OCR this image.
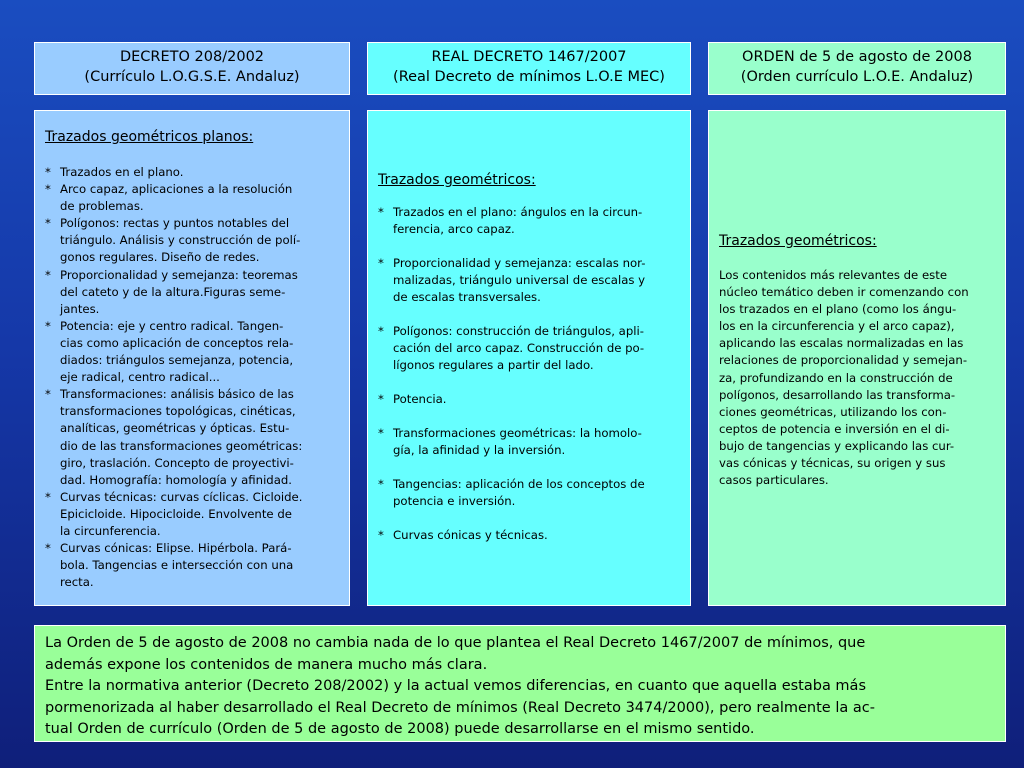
DECRETO 208/2002
(Currículo L.O.G.S.E. Andaluz)
REAL DECRETO 1467/2007
(Real Decreto de mínimos L.O.E MEC)
ORDEN de 5 de agosto de 2008
(Orden currículo L.O.E. Andaluz)
Trazados geométricos planos:
* Trazados en el plano.
* Arco capaz, aplicaciones a la resolución
de problemas.
* Polígonos: rectas y puntos notables del
triángulo. Análisis y construcción de polí-
gonos regulares. Diseño de redes.
* Proporcionalidad y semejanza: teoremas
del cateto y de la altura.Figuras seme-
jantes.
* Potencia: eje y centro radical. Tangen-
cias como aplicación de conceptos rela-
diados: triángulos semejanza, potencia,
eje radical, centro radical...
* Transformaciones: análisis básico de las
transformaciones topológicas, cinéticas,
analíticas, geométricas y ópticas. Estu-
dio de las transformaciones geométricas:
giro, traslación. Concepto de proyectivi-
dad. Homografía: homología y afinidad.
* Curvas técnicas: curvas cíclicas. Cicloide.
Epicicloide. Hipocicloide. Envolvente de
la circunferencia.
* Curvas cónicas: Elipse. Hipérbola. Pará-
bola. Tangencias e intersección con una
recta.
Trazados geométricos:
* Trazados en el plano: ángulos en la circun-
ferencia, arco capaz.
* Proporcionalidad y semejanza: escalas nor-
malizadas, triángulo universal de escalas y
de escalas transversales.
* Polígonos: construcción de triángulos, apli-
cación del arco capaz. Construcción de po-
lígonos regulares a partir del lado.
* Potencia.
* Transformaciones geométricas: la homolo-
gía, la afinidad y la inversión.
* Tangencias: aplicación de los conceptos de
potencia e inversión.
* Curvas cónicas y técnicas.
Trazados geométricos:
Los contenidos más relevantes de este
núcleo temático deben ir comenzando con
los trazados en el plano (como los ángu-
los en la circunferencia y el arco capaz),
aplicando las escalas normalizadas en las
relaciones de proporcionalidad y semejan-
za, profundizando en la construcción de
polígonos, desarrollando las transforma-
ciones geométricas, utilizando los con-
ceptos de potencia e inversión en el di-
bujo de tangencias y explicando las cur-
vas cónicas y técnicas, su origen y sus
casos particulares.
La Orden de 5 de agosto de 2008 no cambia nada de lo que plantea el Real Decreto 1467/2007 de mínimos, que
además expone los contenidos de manera mucho más clara.
Entre la normativa anterior (Decreto 208/2002) y la actual vemos diferencias, en cuanto que aquella estaba más
pormenorizada al haber desarrollado el Real Decreto de mínimos (Real Decreto 3474/2000), pero realmente la ac-
tual Orden de currículo (Orden de 5 de agosto de 2008) puede desarrollarse en el mismo sentido.
